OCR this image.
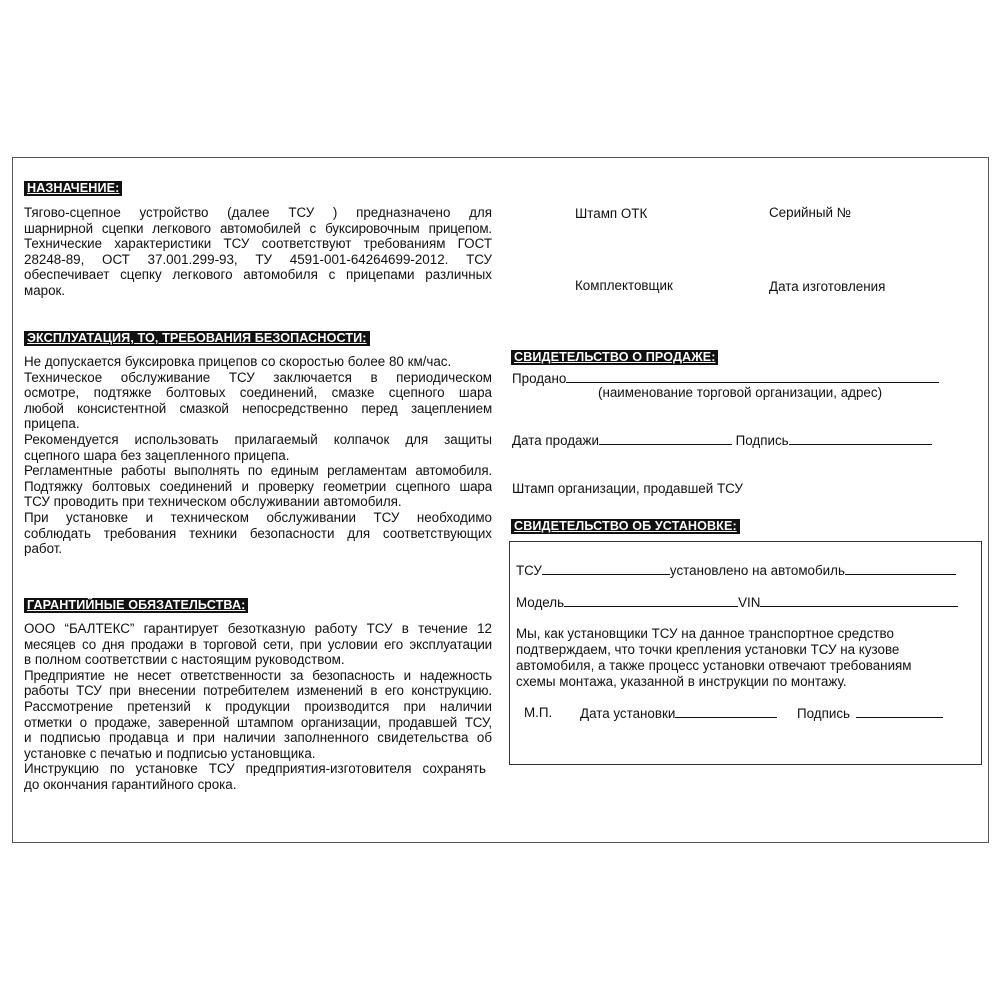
НАЗНАЧЕНИЕ:
Тягово-сцепное устройство (далее ТСУ ) предназначено для
шарнирной сцепки легкового автомобилей с буксировочным прицепом.
Технические характеристики ТСУ соответствуют требованиям ГОСТ
28248-89, ОСТ 37.001.299-93, ТУ 4591-001-64264699-2012. ТСУ
обеспечивает сцепку легкового автомобиля с прицепами различных
марок.
ЭКСПЛУАТАЦИЯ, ТО, ТРЕБОВАНИЯ БЕЗОПАСНОСТИ:
Не допускается буксировка прицепов со скоростью более 80 км/час.
Техническое обслуживание ТСУ заключается в периодическом
осмотре, подтяжке болтовых соединений, смазке сцепного шара
любой консистентной смазкой непосредственно перед зацеплением
прицепа.
Рекомендуется использовать прилагаемый колпачок для защиты
сцепного шара без зацепленного прицепа.
Регламентные работы выполнять по единым регламентам автомобиля.
Подтяжку болтовых соединений и проверку геометрии сцепного шара
ТСУ проводить при техническом обслуживании автомобиля.
При установке и техническом обслуживании ТСУ необходимо
соблюдать требования техники безопасности для соответствующих
работ.
ГАРАНТИЙНЫЕ ОБЯЗАТЕЛЬСТВА:
ООО “БАЛТЕКС” гарантирует безотказную работу ТСУ в течение 12
месяцев со дня продажи в торговой сети, при условии его эксплуатации
в полном соответствии с настоящим руководством.
Предприятие не несет ответственности за безопасность и надежность
работы ТСУ при внесении потребителем изменений в его конструкцию.
Рассмотрение претензий к продукции производится при наличии
отметки о продаже, заверенной штампом организации, продавшей ТСУ,
и подписью продавца и при наличии заполненного свидетельства об
установке с печатью и подписью установщика.
Инструкцию по установке ТСУ предприятия-изготовителя сохранять
до окончания гарантийного срока.
Штамп ОТК	Серийный №
Комплектовщик	Дата изготовления
СВИДЕТЕЛЬСТВО О ПРОДАЖЕ:
Продано
(наименование торговой организации, адрес)
Дата продажи	Подпись
Штамп организации, продавшей ТСУ
СВИДЕТЕЛЬСТВО ОБ УСТАНОВКЕ:
ТСУ	установлено на автомобиль
Модель	VIN
Мы, как установщики ТСУ на данное транспортное средство
подтверждаем, что точки крепления установки ТСУ на кузове
автомобиля, а также процесс установки отвечают требованиям
схемы монтажа, указанной в инструкции по монтажу.
М.П. Дата установки	Подпись
